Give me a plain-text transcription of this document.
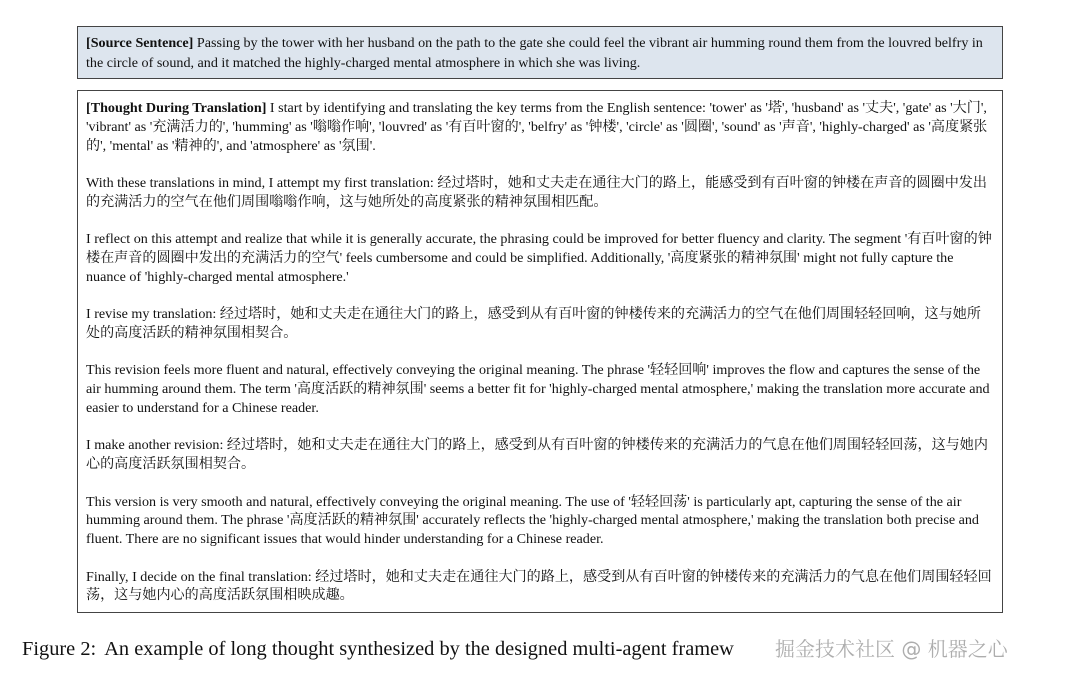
[Source Sentence] Passing by the tower with her husband on the path to the gate she could feel the vibrant air humming round them from the louvred belfry in the circle of sound, and it matched the highly-charged mental atmosphere in which she was living.

[Thought During Translation] I start by identifying and translating the key terms from the English sentence: 'tower' as '塔', 'husband' as '丈夫', 'gate' as '大门', 'vibrant' as '充满活力的', 'humming' as '嗡嗡作响', 'louvred' as '有百叶窗的', 'belfry' as '钟楼', 'circle' as '圆圈', 'sound' as '声音', 'highly-charged' as '高度紧张的', 'mental' as '精神的', and 'atmosphere' as '氛围'.

With these translations in mind, I attempt my first translation: 经过塔时，她和丈夫走在通往大门的路上，能感受到有百叶窗的钟楼在声音的圆圈中发出的充满活力的空气在他们周围嗡嗡作响，这与她所处的高度紧张的精神氛围相匹配。

I reflect on this attempt and realize that while it is generally accurate, the phrasing could be improved for better fluency and clarity. The segment '有百叶窗的钟楼在声音的圆圈中发出的充满活力的空气' feels cumbersome and could be simplified. Additionally, '高度紧张的精神氛围' might not fully capture the nuance of 'highly-charged mental atmosphere.'

I revise my translation: 经过塔时，她和丈夫走在通往大门的路上，感受到从有百叶窗的钟楼传来的充满活力的空气在他们周围轻轻回响，这与她所处的高度活跃的精神氛围相契合。

This revision feels more fluent and natural, effectively conveying the original meaning. The phrase '轻轻回响' improves the flow and captures the sense of the air humming around them. The term '高度活跃的精神氛围' seems a better fit for 'highly-charged mental atmosphere,' making the translation more accurate and easier to understand for a Chinese reader.

I make another revision: 经过塔时，她和丈夫走在通往大门的路上，感受到从有百叶窗的钟楼传来的充满活力的气息在他们周围轻轻回荡，这与她内心的高度活跃氛围相契合。

This version is very smooth and natural, effectively conveying the original meaning. The use of '轻轻回荡' is particularly apt, capturing the sense of the air humming around them. The phrase '高度活跃的精神氛围' accurately reflects the 'highly-charged mental atmosphere,' making the translation both precise and fluent. There are no significant issues that would hinder understanding for a Chinese reader.

Finally, I decide on the final translation: 经过塔时，她和丈夫走在通往大门的路上，感受到从有百叶窗的钟楼传来的充满活力的气息在他们周围轻轻回荡，这与她内心的高度活跃氛围相映成趣。

Figure 2: An example of long thought synthesized by the designed multi-agent framew	掘金技术社区 @ 机器之心
